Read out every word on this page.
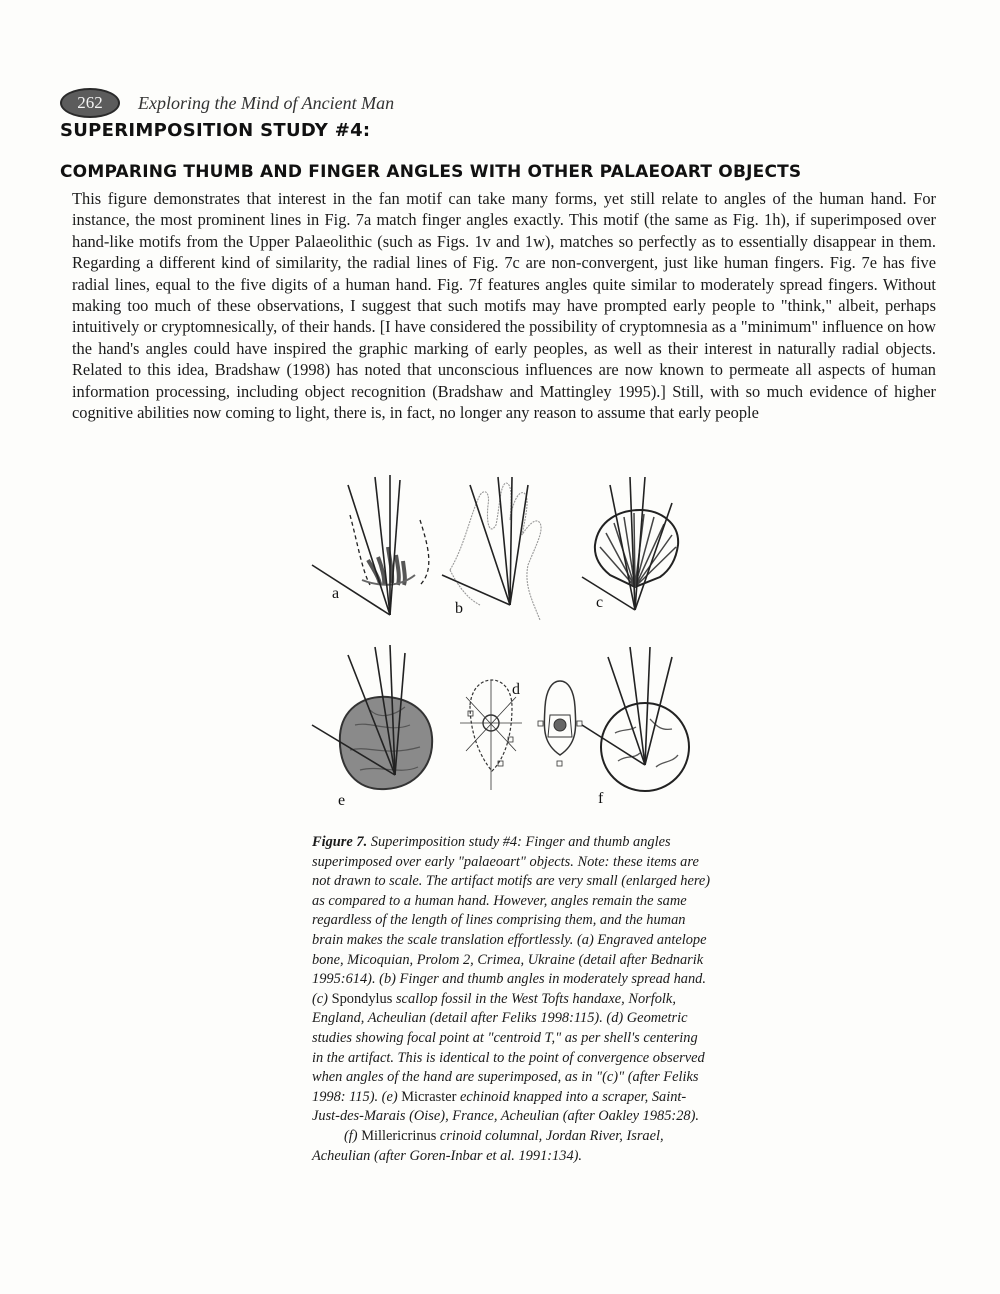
262	Exploring the Mind of Ancient Man
SUPERIMPOSITION STUDY #4:
COMPARING THUMB AND FINGER ANGLES WITH OTHER PALAEOART OBJECTS

This figure demonstrates that interest in the fan motif can take many forms, yet still relate to angles of the human hand. For instance, the most prominent lines in Fig. 7a match finger angles exactly. This motif (the same as Fig. 1h), if superimposed over hand-like motifs from the Upper Palaeolithic (such as Figs. 1v and 1w), matches so perfectly as to essentially disappear in them. Regarding a different kind of similarity, the radial lines of Fig. 7c are non-convergent, just like human fingers. Fig. 7e has five radial lines, equal to the five digits of a human hand. Fig. 7f features angles quite similar to moderately spread fingers. Without making too much of these observations, I suggest that such motifs may have prompted early people to "think," albeit, perhaps intuitively or cryptomnesically, of their hands. [I have considered the possibility of cryptomnesia as a "minimum" influence on how the hand's angles could have inspired the graphic marking of early peoples, as well as their interest in naturally radial objects. Related to this idea, Bradshaw (1998) has noted that unconscious influences are now known to permeate all aspects of human information processing, including object recognition (Bradshaw and Mattingley 1995).] Still, with so much evidence of higher cognitive abilities now coming to light, there is, in fact, no longer any reason to assume that early people

a
b	c
e
d
f

Figure 7. Superimposition study #4: Finger and thumb angles superimposed over early "palaeoart" objects. Note: these items are not drawn to scale. The artifact motifs are very small (enlarged here) as compared to a human hand. However, angles remain the same regardless of the length of lines comprising them, and the human brain makes the scale translation effortlessly. (a) Engraved antelope bone, Micoquian, Prolom 2, Crimea, Ukraine (detail after Bednarik 1995:614). (b) Finger and thumb angles in moderately spread hand. (c) Spondylus scallop fossil in the West Tofts handaxe, Norfolk, England, Acheulian (detail after Feliks 1998:115). (d) Geometric studies showing focal point at "centroid T," as per shell's centering in the artifact. This is identical to the point of convergence observed when angles of the hand are superimposed, as in "(c)" (after Feliks 1998: 115). (e) Micraster echinoid knapped into a scraper, Saint-Just-des-Marais (Oise), France, Acheulian (after Oakley 1985:28).
(f) Millericrinus crinoid columnal, Jordan River, Israel, Acheulian (after Goren-Inbar et al. 1991:134).
